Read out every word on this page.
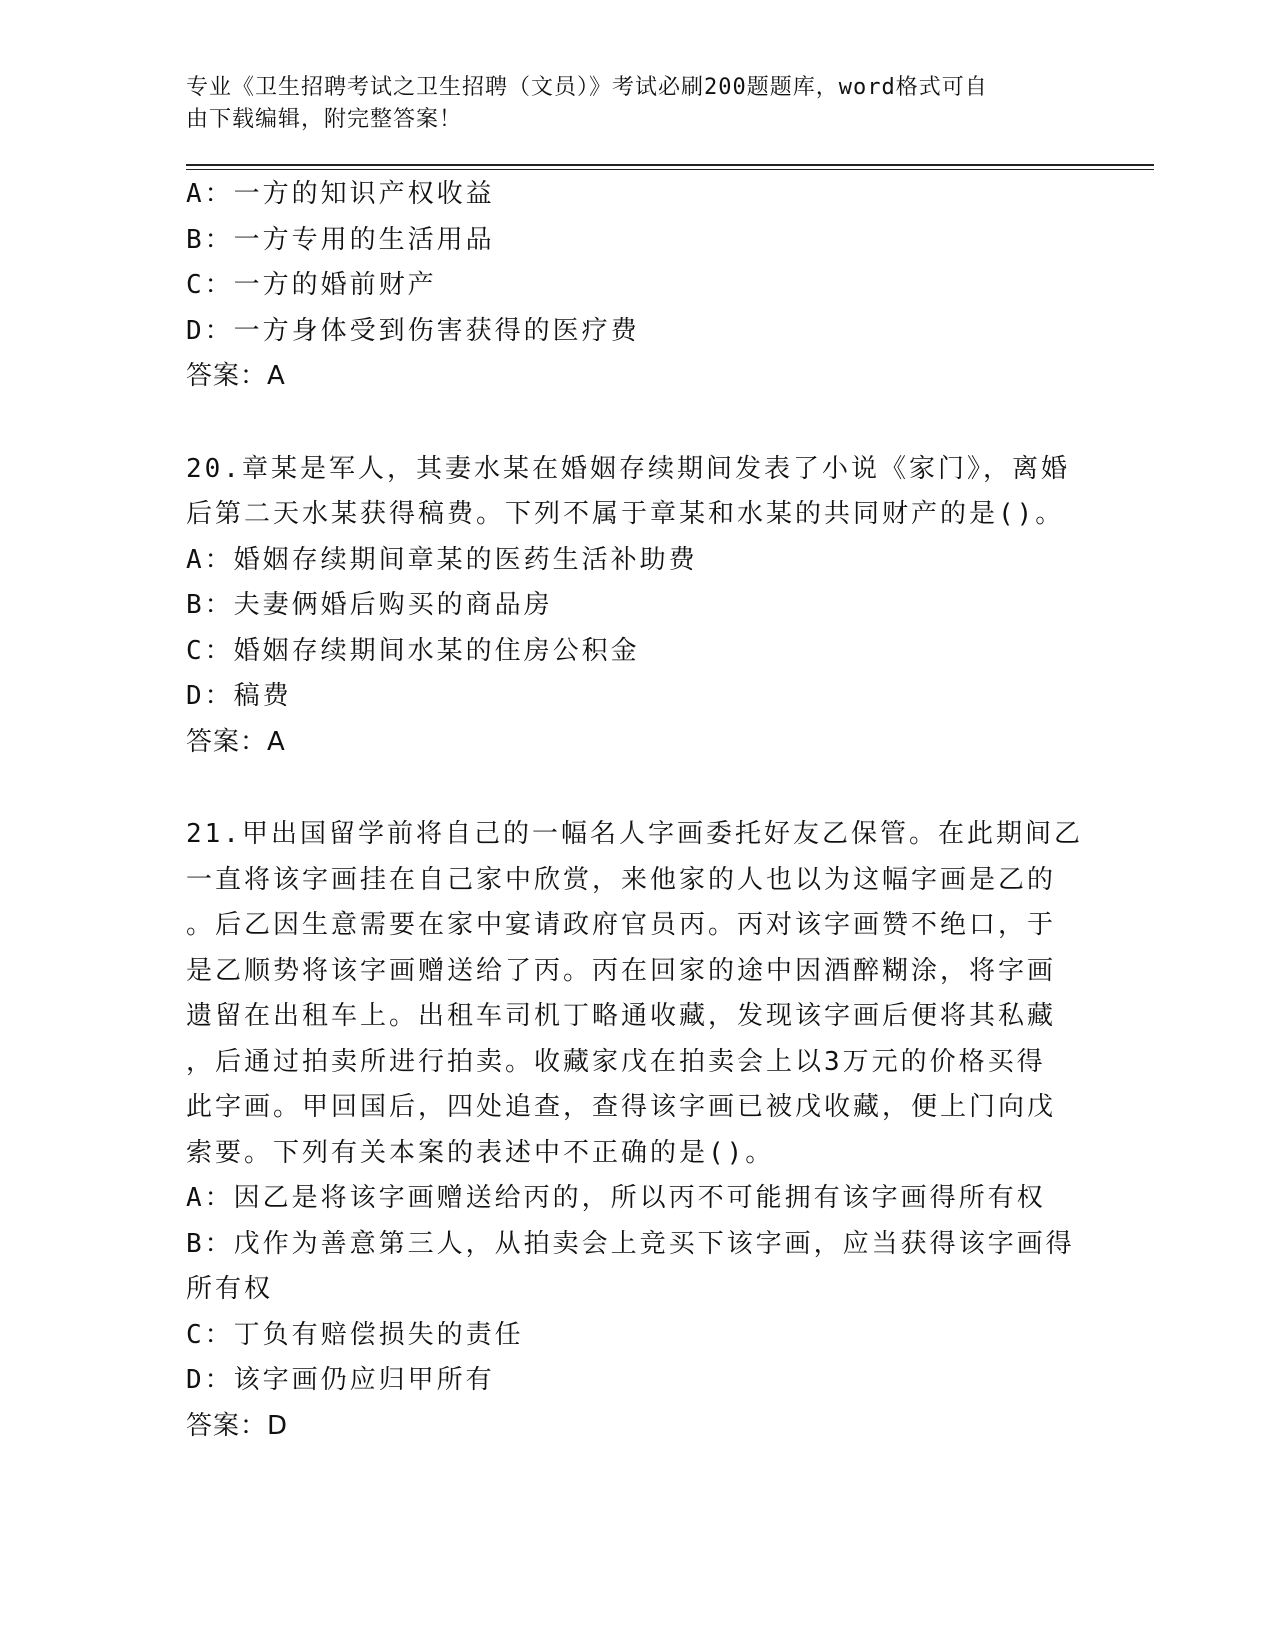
专业《卫生招聘考试之卫生招聘（文员）》考试必刷200题题库，word格式可自
由下载编辑，附完整答案！
A：一方的知识产权收益
B：一方专用的生活用品
C：一方的婚前财产
D：一方身体受到伤害获得的医疗费
答案：A
20.章某是军人，其妻水某在婚姻存续期间发表了小说《家门》，离婚
后第二天水某获得稿费。下列不属于章某和水某的共同财产的是()。
A：婚姻存续期间章某的医药生活补助费
B：夫妻俩婚后购买的商品房
C：婚姻存续期间水某的住房公积金
D：稿费
答案：A
21.甲出国留学前将自己的一幅名人字画委托好友乙保管。在此期间乙
一直将该字画挂在自己家中欣赏，来他家的人也以为这幅字画是乙的
。后乙因生意需要在家中宴请政府官员丙。丙对该字画赞不绝口，于
是乙顺势将该字画赠送给了丙。丙在回家的途中因酒醉糊涂，将字画
遗留在出租车上。出租车司机丁略通收藏，发现该字画后便将其私藏
，后通过拍卖所进行拍卖。收藏家戊在拍卖会上以3万元的价格买得
此字画。甲回国后，四处追查，查得该字画已被戊收藏，便上门向戊
索要。下列有关本案的表述中不正确的是()。
A：因乙是将该字画赠送给丙的，所以丙不可能拥有该字画得所有权
B：戊作为善意第三人，从拍卖会上竞买下该字画，应当获得该字画得
所有权
C：丁负有赔偿损失的责任
D：该字画仍应归甲所有
答案：D
